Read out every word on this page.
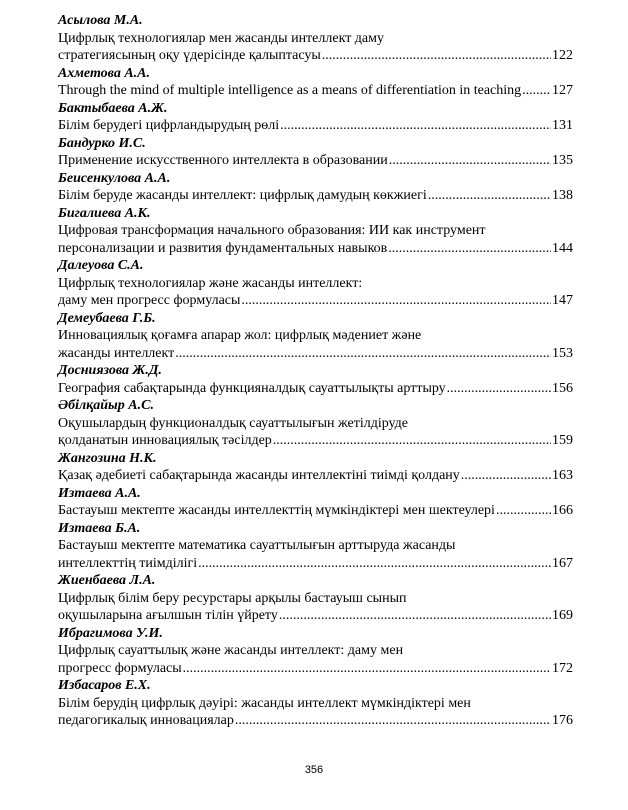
Асылова М.А.
Цифрлық технологиялар мен жасанды интеллект даму
стратегиясының оқу үдерісінде қалыптасуы .....	122
Ахметова А.А.
Through the mind of multiple intelligence as a means of differentiation in teaching ..... 127
Бактыбаева А.Ж.
Білім берудегі цифрландырудың рөлі .....	131
Бандурко И.С.
Применение искусственного интеллекта в образовании .....	135
Беисенкулова А.А.
Білім беруде жасанды интеллект: цифрлық дамудың көкжиегі .....	138
Бигалиева А.К.
Цифровая трансформация начального образования: ИИ как инструмент
персонализации и развития фундаментальных навыков .....	144
Далеуова С.А.
Цифрлық технологиялар және жасанды интеллект:
даму мен прогресс формуласы .....	147
Демеубаева Г.Б.
Инновациялық қоғамға апарар жол: цифрлық мәдениет және
жасанды интеллект .....	153
Досниязова Ж.Д.
География сабақтарында функцияналдық сауаттылықты арттыру .....	156
Әбілқайыр А.С.
Оқушылардың функционалдық сауаттылығын жетілдіруде
қолданатын инновациялық тәсілдер .....	159
Жангозина Н.К.
Қазақ әдебиеті сабақтарында жасанды интеллектіні тиімді қолдану .....	163
Изтаева А.А.
Бастауыш мектепте жасанды интеллекттің мүмкіндіктері мен шектеулері .....	166
Изтаева Б.А.
Бастауыш мектепте математика сауаттылығын арттыруда жасанды
интеллекттің тиімділігі .....	167
Жиенбаева Л.А.
Цифрлық білім беру ресурстары арқылы бастауыш сынып
оқушыларына ағылшын тілін үйрету .....	169
Ибрагимова У.И.
Цифрлық сауаттылық және жасанды интеллект: даму мен
прогресс формуласы .....	172
Избасаров Е.Х.
Білім берудің цифрлық дәуірі: жасанды интеллект мүмкіндіктері мен
педагогикалық инновациялар .....	176
356
